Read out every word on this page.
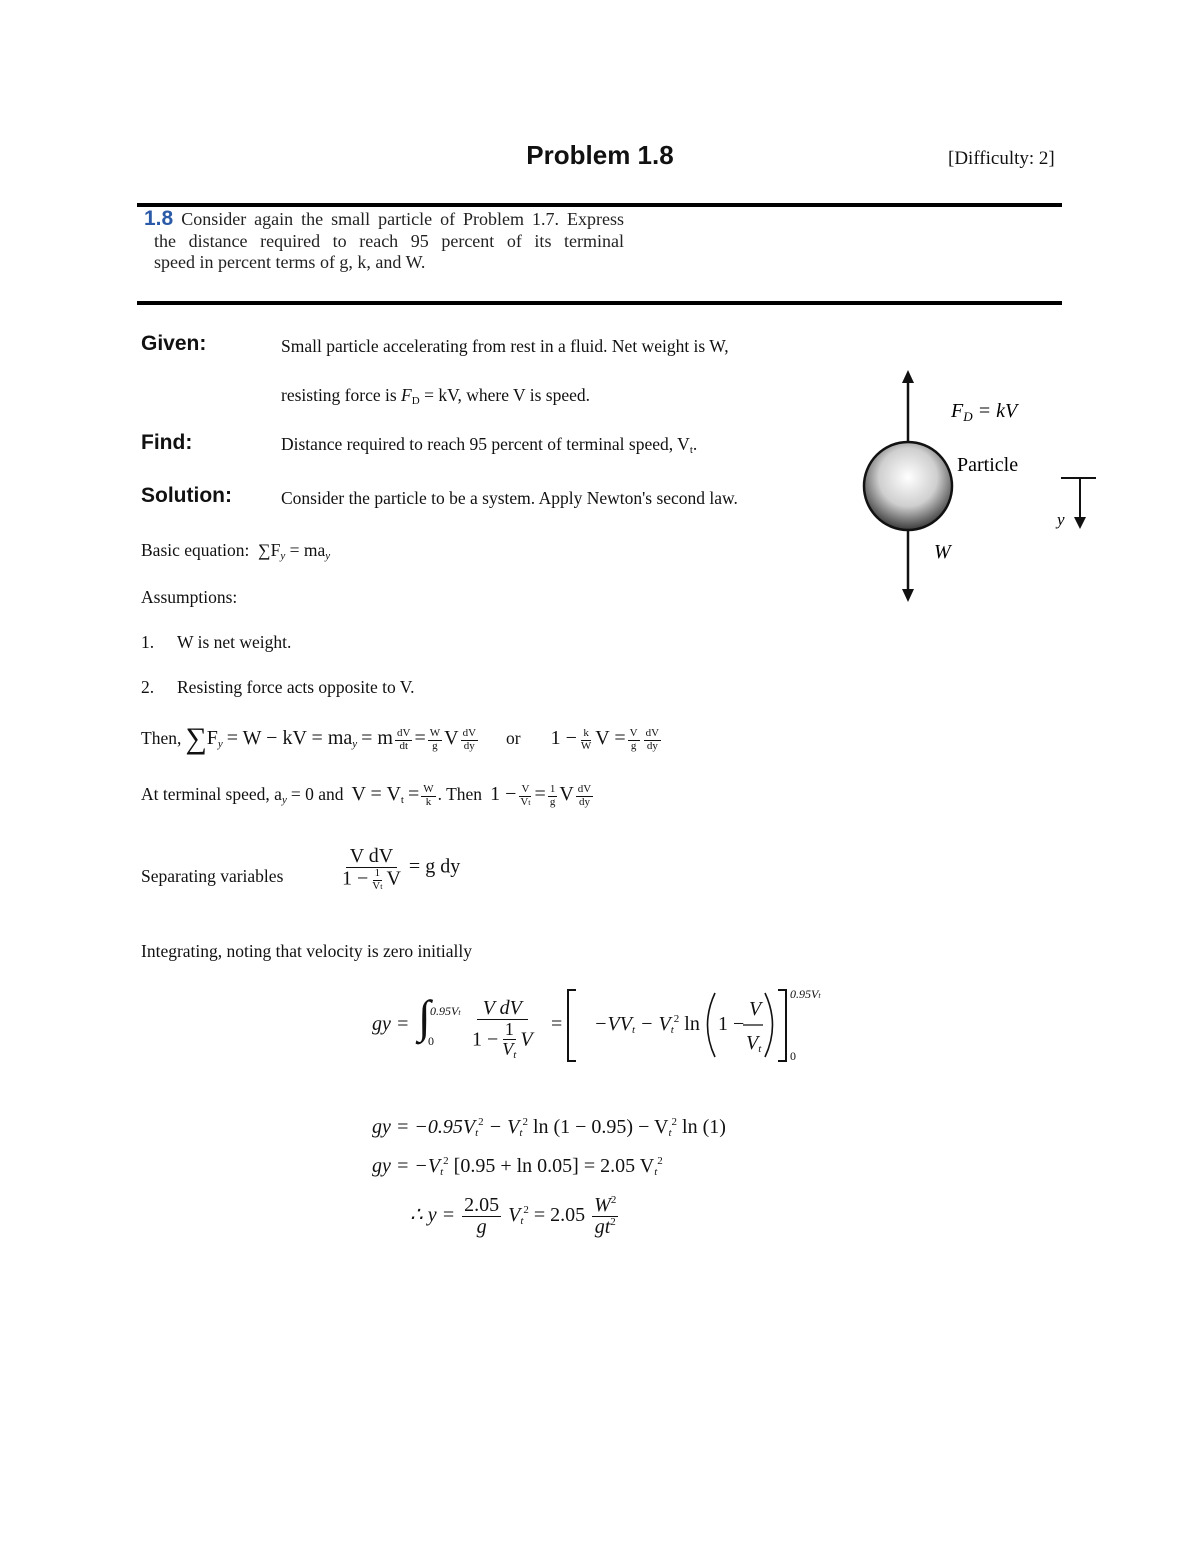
Problem 1.8	[Difficulty: 2]
1.8 Consider again the small particle of Problem 1.7. Express
the distance required to reach 95 percent of its terminal
speed in percent terms of g, k, and W.
Given:	Small particle accelerating from rest in a fluid. Net weight is W,
resisting force is $F_D$ = kV, where V is speed.
Find:	Distance required to reach 95 percent of terminal speed, $V_t$.
Solution:	Consider the particle to be a system. Apply Newton's second law.
Basic equation: $\sum F_y = ma_y$
Assumptions:
1. W is net weight.
2. Resisting force acts opposite to V.
Then, $\sum F_y = W$ − kV = $ma_y = m \frac{dV}{dt} = \frac{W}{g}$ V $\frac{dV}{dy}$ or $1 - \frac{k}{W}$ $V = \frac{V}{g} \frac{dV}{dy}$
At terminal speed, $a_y = 0$ and $V = V_t = \frac{W}{k}$ . Then $1 - \frac{V}{Vt} = \frac{1}{g}$ V $\frac{dV}{dy}$
Separating variables	$\frac{\text{V dV}}{1 - \frac{1}{Vt} V} = g$ dy
Integrating, noting that velocity is zero initially
gy = ∫ 0.95Vt
$0 \frac{\text{V dV}}{1 - \frac{1}{V_t} V} = -VV_t - V_t^2$ ln 1 −
V
$V_t$
0.95Vt
0
gy = $-0.95V_t^2 - V_t^2$ $\ln (1 - 0.95) - V_t^2$ ln (1)
gy = $-V_t^2$ [0.95 + ln 0.05] = 2.05 $V_t^2$
∴ $y = \frac{2.05}{g} V_t^2 = 2.05 \frac{W^2}{gt^2}$
$F_D$ = kV
Particle
W
y
